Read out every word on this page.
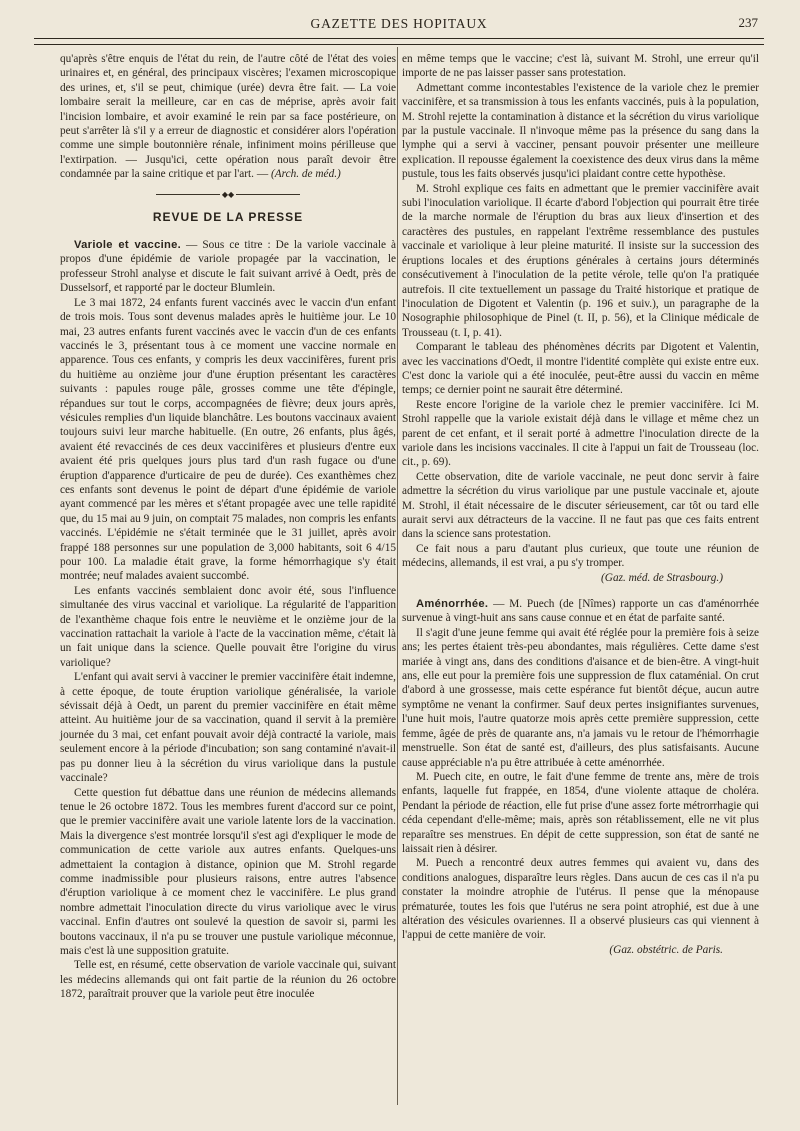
GAZETTE DES HOPITAUX	237

qu'après s'être enquis de l'état du rein, de l'autre côté de l'état des voies urinaires et, en général, des principaux viscères; l'examen microscopique des urines, et, s'il se peut, chimique (urée) devra être fait. — La voie lombaire serait la meilleure, car en cas de méprise, après avoir fait l'incision lombaire, et avoir examiné le rein par sa face postérieure, on peut s'arrêter là s'il y a erreur de diagnostic et considérer alors l'opération comme une simple boutonnière rénale, infiniment moins périlleuse que l'extirpation. — Jusqu'ici, cette opération nous paraît devoir être condamnée par la saine critique et par l'art. — (Arch. de méd.)

◆◆
REVUE DE LA PRESSE

Variole et vaccine. — Sous ce titre : De la variole vaccinale à propos d'une épidémie de variole propagée par la vaccination, le professeur Strohl analyse et discute le fait suivant arrivé à Oedt, près de Dusselsorf, et rapporté par le docteur Blumlein.

Le 3 mai 1872, 24 enfants furent vaccinés avec le vaccin d'un enfant de trois mois. Tous sont devenus malades après le huitième jour. Le 10 mai, 23 autres enfants furent vaccinés avec le vaccin d'un de ces enfants vaccinés le 3, présentant tous à ce moment une vaccine normale en apparence. Tous ces enfants, y compris les deux vaccinifères, furent pris du huitième au onzième jour d'une éruption présentant les caractères suivants : papules rouge pâle, grosses comme une tête d'épingle, répandues sur tout le corps, accompagnées de fièvre; deux jours après, vésicules remplies d'un liquide blanchâtre. Les boutons vaccinaux avaient toujours suivi leur marche habituelle. (En outre, 26 enfants, plus âgés, avaient été revaccinés de ces deux vaccinifères et plusieurs d'entre eux avaient été pris quelques jours plus tard d'un rash fugace ou d'une éruption d'apparence d'urticaire de peu de durée). Ces exanthèmes chez ces enfants sont devenus le point de départ d'une épidémie de variole ayant commencé par les mères et s'étant propagée avec une telle rapidité que, du 15 mai au 9 juin, on comptait 75 malades, non compris les enfants vaccinés. L'épidémie ne s'était terminée que le 31 juillet, après avoir frappé 188 personnes sur une population de 3,000 habitants, soit 6 4/15 pour 100. La maladie était grave, la forme hémorrhagique s'y était montrée; neuf malades avaient succombé.

Les enfants vaccinés semblaient donc avoir été, sous l'influence simultanée des virus vaccinal et variolique. La régularité de l'apparition de l'exanthème chaque fois entre le neuvième et le onzième jour de la vaccination rattachait la variole à l'acte de la vaccination même, c'était là un fait unique dans la science. Quelle pouvait être l'origine du virus variolique?

L'enfant qui avait servi à vacciner le premier vaccinifère était indemne, à cette époque, de toute éruption variolique généralisée, la variole sévissait déjà à Oedt, un parent du premier vaccinifère en était même atteint. Au huitième jour de sa vaccination, quand il servit à la première journée du 3 mai, cet enfant pouvait avoir déjà contracté la variole, mais seulement encore à la période d'incubation; son sang contaminé n'avait-il pas pu donner lieu à la sécrétion du virus variolique dans la pustule vaccinale?

Cette question fut débattue dans une réunion de médecins allemands tenue le 26 octobre 1872. Tous les membres furent d'accord sur ce point, que le premier vaccinifère avait une variole latente lors de la vaccination. Mais la divergence s'est montrée lorsqu'il s'est agi d'expliquer le mode de communication de cette variole aux autres enfants. Quelques-uns admettaient la contagion à distance, opinion que M. Strohl regarde comme inadmissible pour plusieurs raisons, entre autres l'absence d'éruption variolique à ce moment chez le vaccinifère. Le plus grand nombre admettait l'inoculation directe du virus variolique avec le virus vaccinal. Enfin d'autres ont soulevé la question de savoir si, parmi les boutons vaccinaux, il n'a pu se trouver une pustule variolique méconnue, mais c'est là une supposition gratuite.

Telle est, en résumé, cette observation de variole vaccinale qui, suivant les médecins allemands qui ont fait partie de la réunion du 26 octobre 1872, paraîtrait prouver que la variole peut être inoculée

en même temps que le vaccine; c'est là, suivant M. Strohl, une erreur qu'il importe de ne pas laisser passer sans protestation.

Admettant comme incontestables l'existence de la variole chez le premier vaccinifère, et sa transmission à tous les enfants vaccinés, puis à la population, M. Strohl rejette la contamination à distance et la sécrétion du virus variolique par la pustule vaccinale. Il n'invoque même pas la présence du sang dans la lymphe qui a servi à vacciner, pensant pouvoir présenter une meilleure explication. Il repousse également la coexistence des deux virus dans la même pustule, tous les faits observés jusqu'ici plaidant contre cette hypothèse.

M. Strohl explique ces faits en admettant que le premier vaccinifère avait subi l'inoculation variolique. Il écarte d'abord l'objection qui pourrait être tirée de la marche normale de l'éruption du bras aux lieux d'insertion et des caractères des pustules, en rappelant l'extrême ressemblance des pustules vaccinale et variolique à leur pleine maturité. Il insiste sur la succession des éruptions locales et des éruptions générales à certains jours déterminés consécutivement à l'inoculation de la petite vérole, telle qu'on l'a pratiquée autrefois. Il cite textuellement un passage du Traité historique et pratique de l'inoculation de Digotent et Valentin (p. 196 et suiv.), un paragraphe de la Nosographie philosophique de Pinel (t. II, p. 56), et la Clinique médicale de Trousseau (t. I, p. 41).

Comparant le tableau des phénomènes décrits par Digotent et Valentin, avec les vaccinations d'Oedt, il montre l'identité complète qui existe entre eux. C'est donc la variole qui a été inoculée, peut-être aussi du vaccin en même temps; ce dernier point ne saurait être déterminé.

Reste encore l'origine de la variole chez le premier vaccinifère. Ici M. Strohl rappelle que la variole existait déjà dans le village et même chez un parent de cet enfant, et il serait porté à admettre l'inoculation directe de la variole dans les incisions vaccinales. Il cite à l'appui un fait de Trousseau (loc. cit., p. 69).

Cette observation, dite de variole vaccinale, ne peut donc servir à faire admettre la sécrétion du virus variolique par une pustule vaccinale et, ajoute M. Strohl, il était nécessaire de le discuter sérieusement, car tôt ou tard elle aurait servi aux détracteurs de la vaccine. Il ne faut pas que ces faits entrent dans la science sans protestation.

Ce fait nous a paru d'autant plus curieux, que toute une réunion de médecins, allemands, il est vrai, a pu s'y tromper.

(Gaz. méd. de Strasbourg.)

Aménorrhée. — M. Puech (de [Nîmes) rapporte un cas d'aménorrhée survenue à vingt-huit ans sans cause connue et en état de parfaite santé.

Il s'agit d'une jeune femme qui avait été réglée pour la première fois à seize ans; les pertes étaient très-peu abondantes, mais régulières. Cette dame s'est mariée à vingt ans, dans des conditions d'aisance et de bien-être. A vingt-huit ans, elle eut pour la première fois une suppression de flux cataménial. On crut d'abord à une grossesse, mais cette espérance fut bientôt déçue, aucun autre symptôme ne venant la confirmer. Sauf deux pertes insignifiantes survenues, l'une huit mois, l'autre quatorze mois après cette première suppression, cette femme, âgée de près de quarante ans, n'a jamais vu le retour de l'hémorrhagie menstruelle. Son état de santé est, d'ailleurs, des plus satisfaisants. Aucune cause appréciable n'a pu être attribuée à cette aménorrhée.

M. Puech cite, en outre, le fait d'une femme de trente ans, mère de trois enfants, laquelle fut frappée, en 1854, d'une violente attaque de choléra. Pendant la période de réaction, elle fut prise d'une assez forte métrorrhagie qui céda cependant d'elle-même; mais, après son rétablissement, elle ne vit plus reparaître ses menstrues. En dépit de cette suppression, son état de santé ne laissait rien à désirer.

M. Puech a rencontré deux autres femmes qui avaient vu, dans des conditions analogues, disparaître leurs règles. Dans aucun de ces cas il n'a pu constater la moindre atrophie de l'utérus. Il pense que la ménopause prématurée, toutes les fois que l'utérus ne sera point atrophié, est due à une altération des vésicules ovariennes. Il a observé plusieurs cas qui viennent à l'appui de cette manière de voir.

(Gaz. obstétric. de Paris.
